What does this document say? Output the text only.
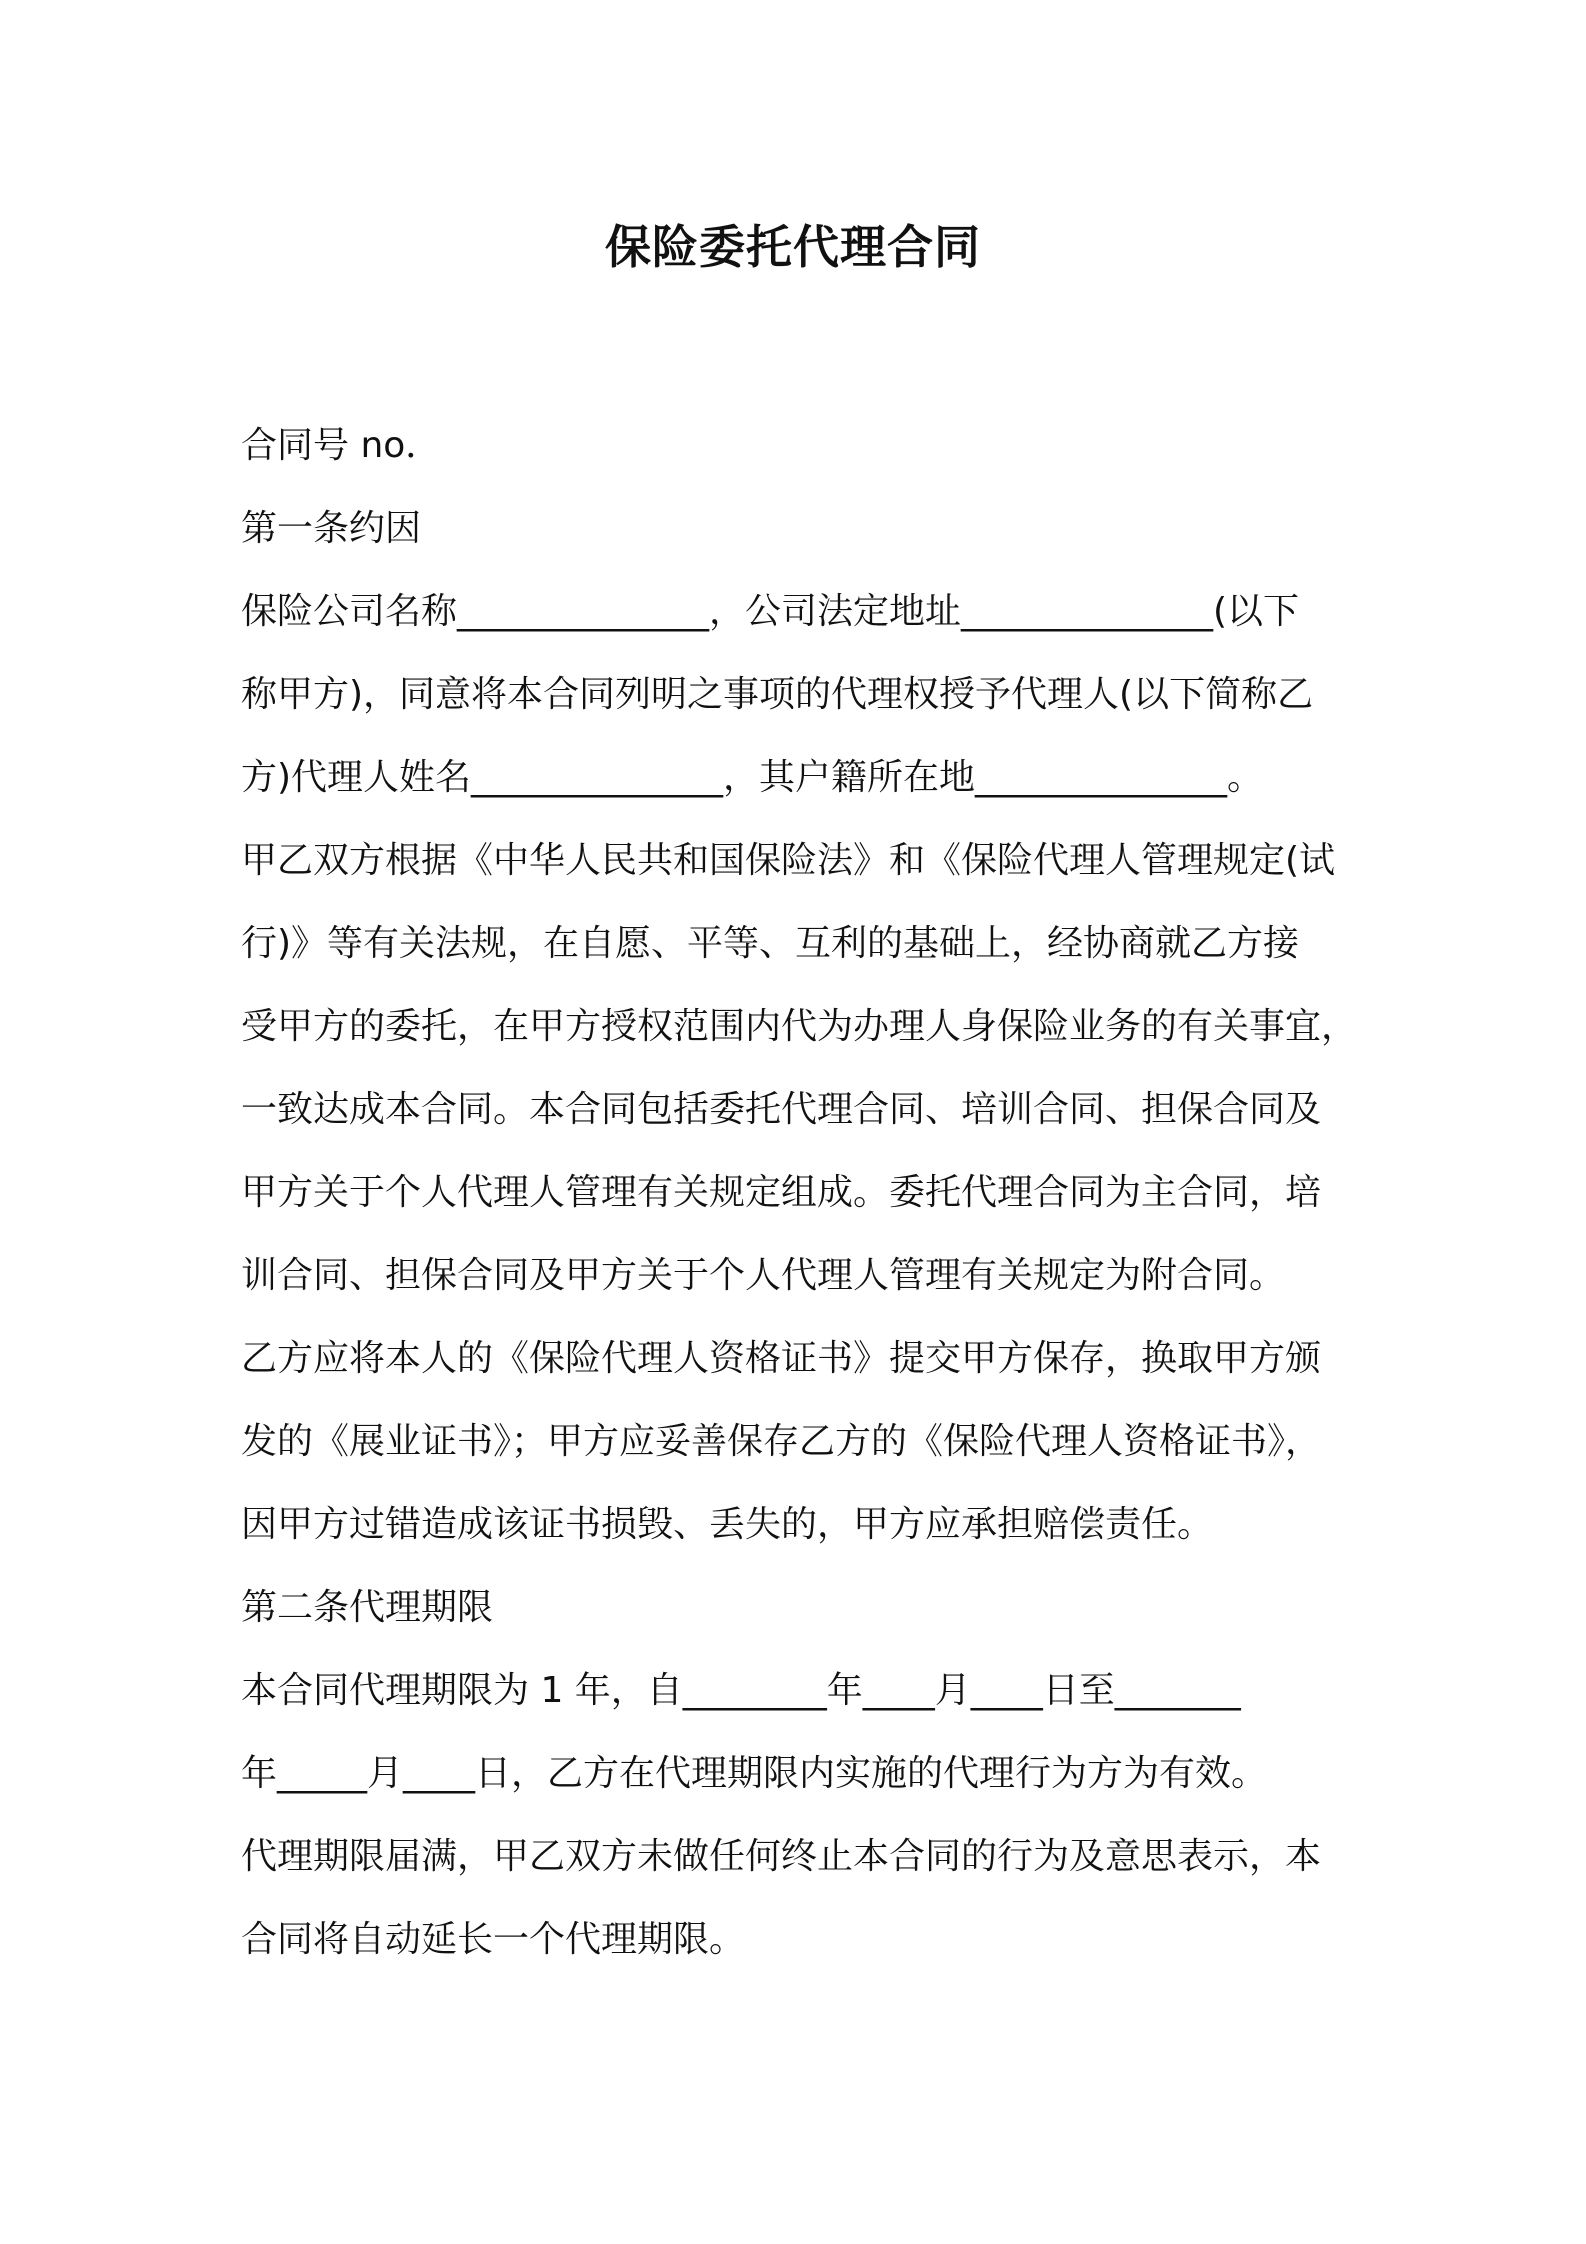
保险委托代理合同
合同号 no．
第一条约因
保险公司名称______________，公司法定地址______________(以下
称甲方)，同意将本合同列明之事项的代理权授予代理人(以下简称乙
方)代理人姓名______________，其户籍所在地______________。
甲乙双方根据《中华人民共和国保险法》和《保险代理人管理规定(试
行)》等有关法规，在自愿、平等、互利的基础上，经协商就乙方接
受甲方的委托，在甲方授权范围内代为办理人身保险业务的有关事宜，
一致达成本合同。本合同包括委托代理合同、培训合同、担保合同及
甲方关于个人代理人管理有关规定组成。委托代理合同为主合同，培
训合同、担保合同及甲方关于个人代理人管理有关规定为附合同。
乙方应将本人的《保险代理人资格证书》提交甲方保存，换取甲方颁
发的《展业证书》；甲方应妥善保存乙方的《保险代理人资格证书》，
因甲方过错造成该证书损毁、丢失的，甲方应承担赔偿责任。
第二条代理期限
本合同代理期限为 1 年，自________年____月____日至_______
年_____月____日，乙方在代理期限内实施的代理行为方为有效。
代理期限届满，甲乙双方未做任何终止本合同的行为及意思表示，本
合同将自动延长一个代理期限。
